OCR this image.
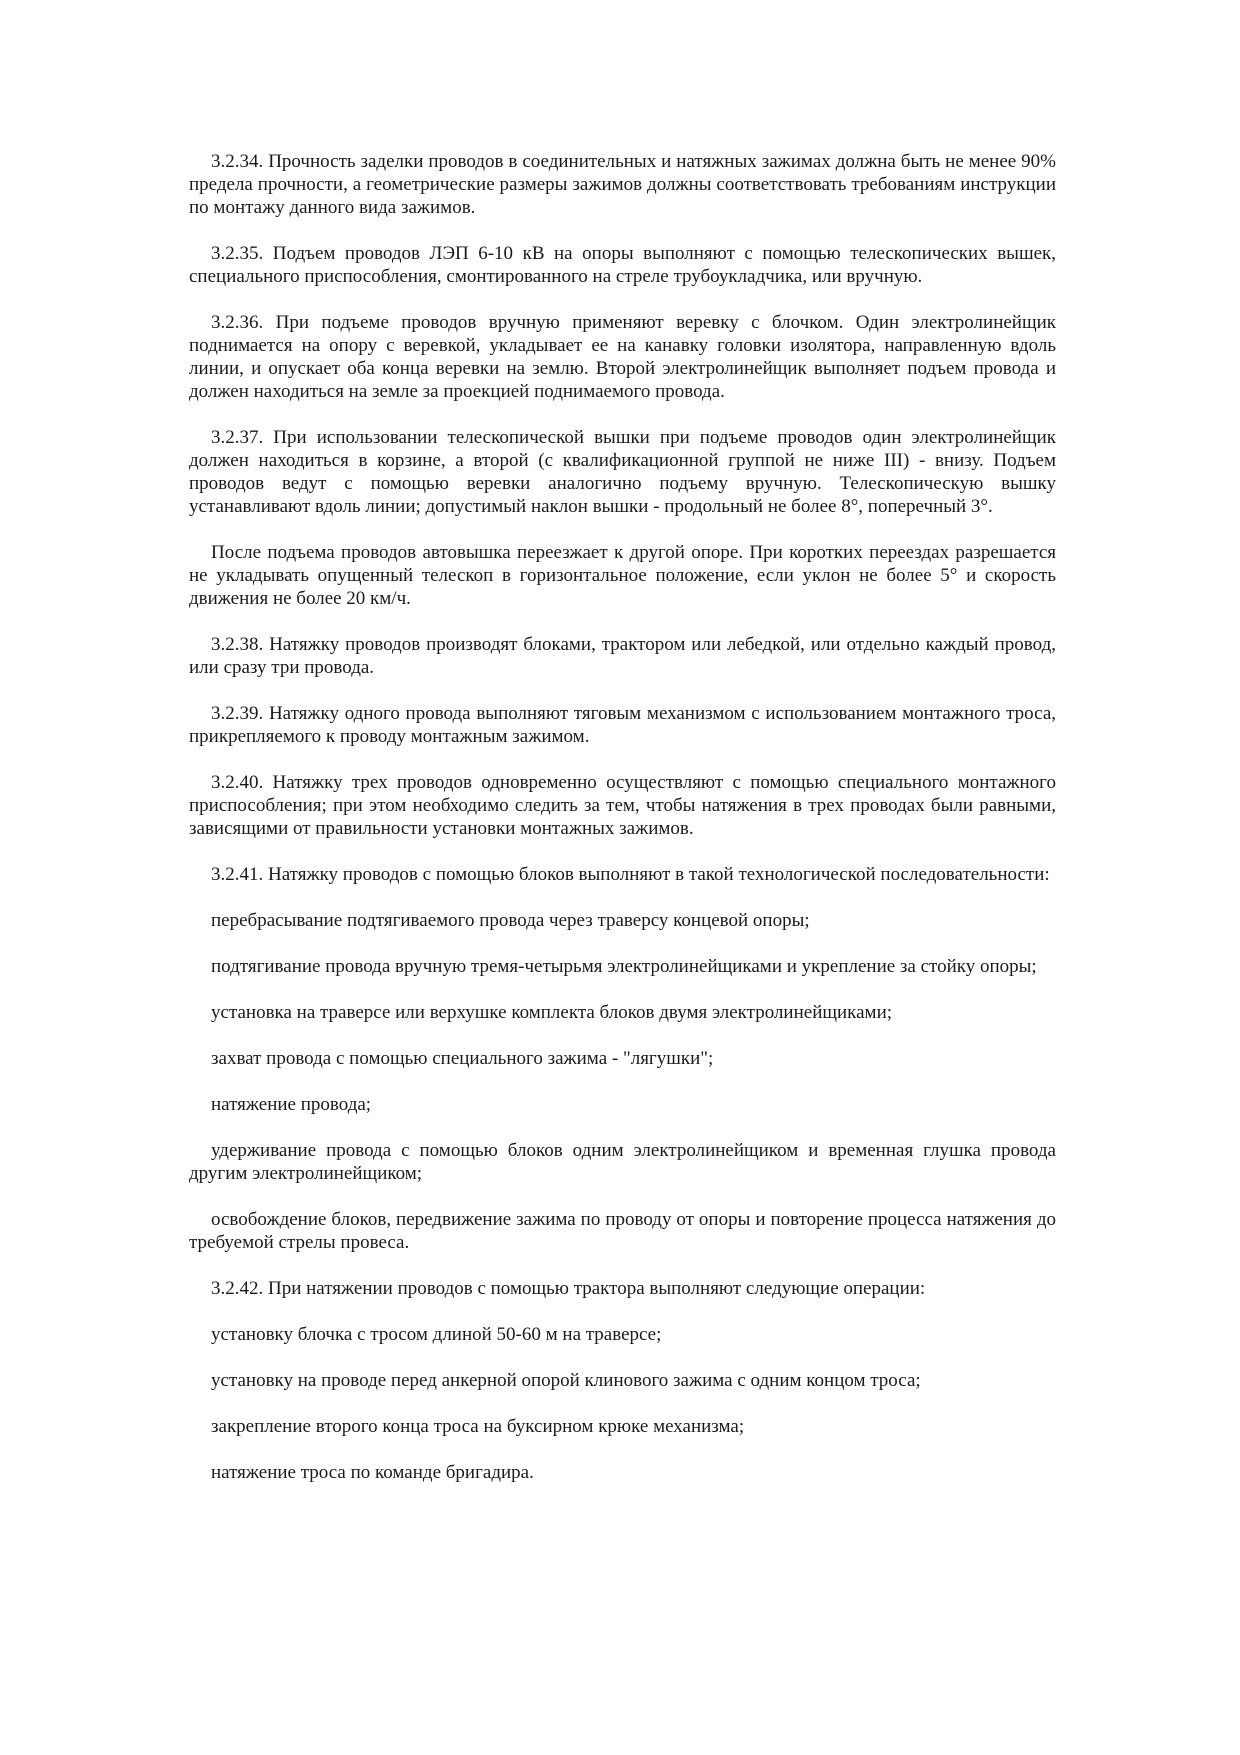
3.2.34. Прочность заделки проводов в соединительных и натяжных зажимах должна быть не менее 90% предела прочности, а геометрические размеры зажимов должны соответствовать требованиям инструкции по монтажу данного вида зажимов.

3.2.35. Подъем проводов ЛЭП 6-10 кВ на опоры выполняют с помощью телескопических вышек, специального приспособления, смонтированного на стреле трубоукладчика, или вручную.

3.2.36. При подъеме проводов вручную применяют веревку с блочком. Один электролинейщик поднимается на опору с веревкой, укладывает ее на канавку головки изолятора, направленную вдоль линии, и опускает оба конца веревки на землю. Второй электролинейщик выполняет подъем провода и должен находиться на земле за проекцией поднимаемого провода.

3.2.37. При использовании телескопической вышки при подъеме проводов один электролинейщик должен находиться в корзине, а второй (с квалификационной группой не ниже III) - внизу. Подъем проводов ведут с помощью веревки аналогично подъему вручную. Телескопическую вышку устанавливают вдоль линии; допустимый наклон вышки - продольный не более 8°, поперечный 3°.

После подъема проводов автовышка переезжает к другой опоре. При коротких переездах разрешается не укладывать опущенный телескоп в горизонтальное положение, если уклон не более 5° и скорость движения не более 20 км/ч.

3.2.38. Натяжку проводов производят блоками, трактором или лебедкой, или отдельно каждый провод, или сразу три провода.

3.2.39. Натяжку одного провода выполняют тяговым механизмом с использованием монтажного троса, прикрепляемого к проводу монтажным зажимом.

3.2.40. Натяжку трех проводов одновременно осуществляют с помощью специального монтажного приспособления; при этом необходимо следить за тем, чтобы натяжения в трех проводах были равными, зависящими от правильности установки монтажных зажимов.

3.2.41. Натяжку проводов с помощью блоков выполняют в такой технологической последовательности:

перебрасывание подтягиваемого провода через траверсу концевой опоры;

подтягивание провода вручную тремя-четырьмя электролинейщиками и укрепление за стойку опоры;

установка на траверсе или верхушке комплекта блоков двумя электролинейщиками;

захват провода с помощью специального зажима - "лягушки";

натяжение провода;

удерживание провода с помощью блоков одним электролинейщиком и временная глушка провода другим электролинейщиком;

освобождение блоков, передвижение зажима по проводу от опоры и повторение процесса натяжения до требуемой стрелы провеса.

3.2.42. При натяжении проводов с помощью трактора выполняют следующие операции:

установку блочка с тросом длиной 50-60 м на траверсе;

установку на проводе перед анкерной опорой клинового зажима с одним концом троса;

закрепление второго конца троса на буксирном крюке механизма;

натяжение троса по команде бригадира.
